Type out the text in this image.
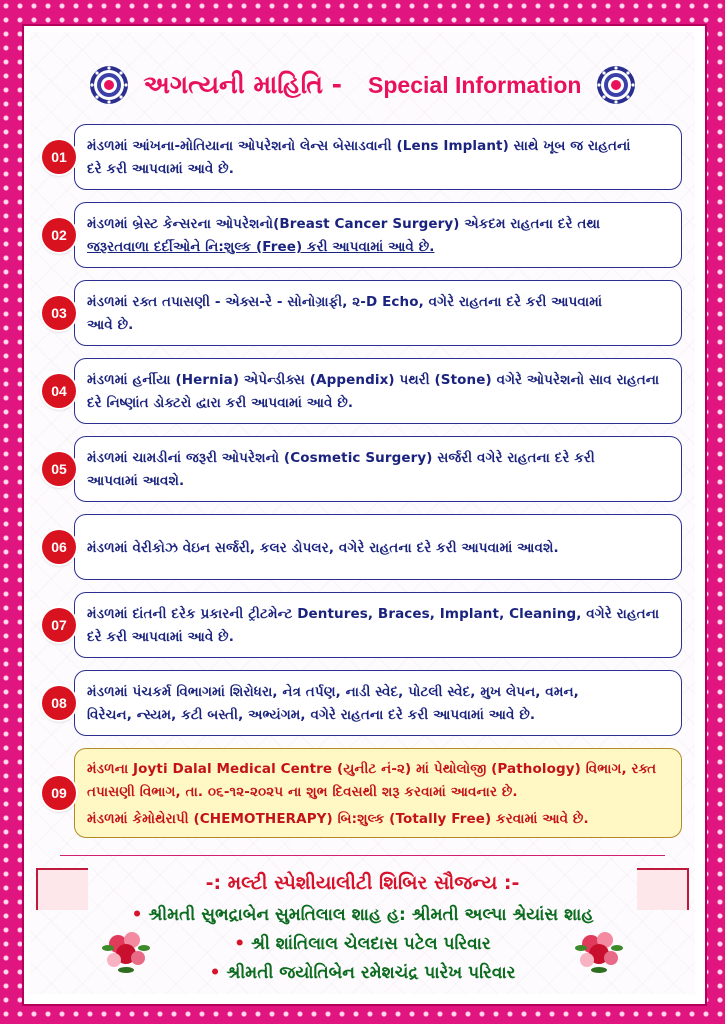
અગત્યની માહિતિ - Special Information
01
મંડળમાં આંખના-મોતિયાના ઓપરેશનો લેન્સ બેસાડવાની (Lens Implant) સાથે ખૂબ જ રાહતનાં
દરે કરી આપવામાં આવે છે.
02
મંડળમાં બ્રેસ્ટ કેન્સરના ઓપરેશનો(Breast Cancer Surgery) એકદમ રાહતના દરે તથા
જરૂરતવાળા દર્દીઓને નિ:શુલ્ક (Free) કરી આપવામાં આવે છે.
03
મંડળમાં રક્ત તપાસણી - એક્સ-રે - સોનોગ્રાફી, ૨-D Echo, વગેરે રાહતના દરે કરી આપવામાં
આવે છે.
04
મંડળમાં હર્નીયા (Hernia) એપેન્ડીક્સ (Appendix) પથરી (Stone) વગેરે ઓપરેશનો સાવ રાહતના
દરે નિષ્ણાંત ડોક્ટરો દ્વારા કરી આપવામાં આવે છે.
05
મંડળમાં ચામડીનાં જરૂરી ઓપરેશનો (Cosmetic Surgery) સર્જરી વગેરે રાહતના દરે કરી
આપવામાં આવશે.
06	મંડળમાં વેરીકોઝ વેઇન સર્જરી, કલર ડોપલર, વગેરે રાહતના દરે કરી આપવામાં આવશે.
07
મંડળમાં દાંતની દરેક પ્રકારની ટ્રીટમેન્ટ Dentures, Braces, Implant, Cleaning, વગેરે રાહતના
દરે કરી આપવામાં આવે છે.
08
મંડળમાં પંચકર્મ વિભાગમાં શિરોધરા, નેત્ર તર્પણ, નાડી સ્વેદ, પોટલી સ્વેદ, મુખ લેપન, વમન,
વિરેચન, ન્સ્યમ, કટી બસ્તી, અભ્યંગમ, વગેરે રાહતના દરે કરી આપવામાં આવે છે.
09
મંડળના Joyti Dalal Medical Centre (યુનીટ નં-૨) માં પેથોલોજી (Pathology) વિભાગ, રક્ત
તપાસણી વિભાગ, તા. ૦૬-૧૨-૨૦૨૫ ના શુભ દિવસથી શરૂ કરવામાં આવનાર છે.
મંડળમાં કેમોથેરાપી (CHEMOTHERAPY) બિ:શુલ્ક (Totally Free) કરવામાં આવે છે.
-: મલ્ટી સ્પેશીયાલીટી શિબિર સૌજન્ય :-
• શ્રીમતી સુભદ્રાબેન સુમતિલાલ શાહ હ: શ્રીમતી અલ્પા શ્રેયાંસ શાહ
• શ્રી શાંતિલાલ ચેલદાસ પટેલ પરિવાર
• શ્રીમતી જયોતિબેન રમેશચંદ્ર પારેખ પરિવાર
